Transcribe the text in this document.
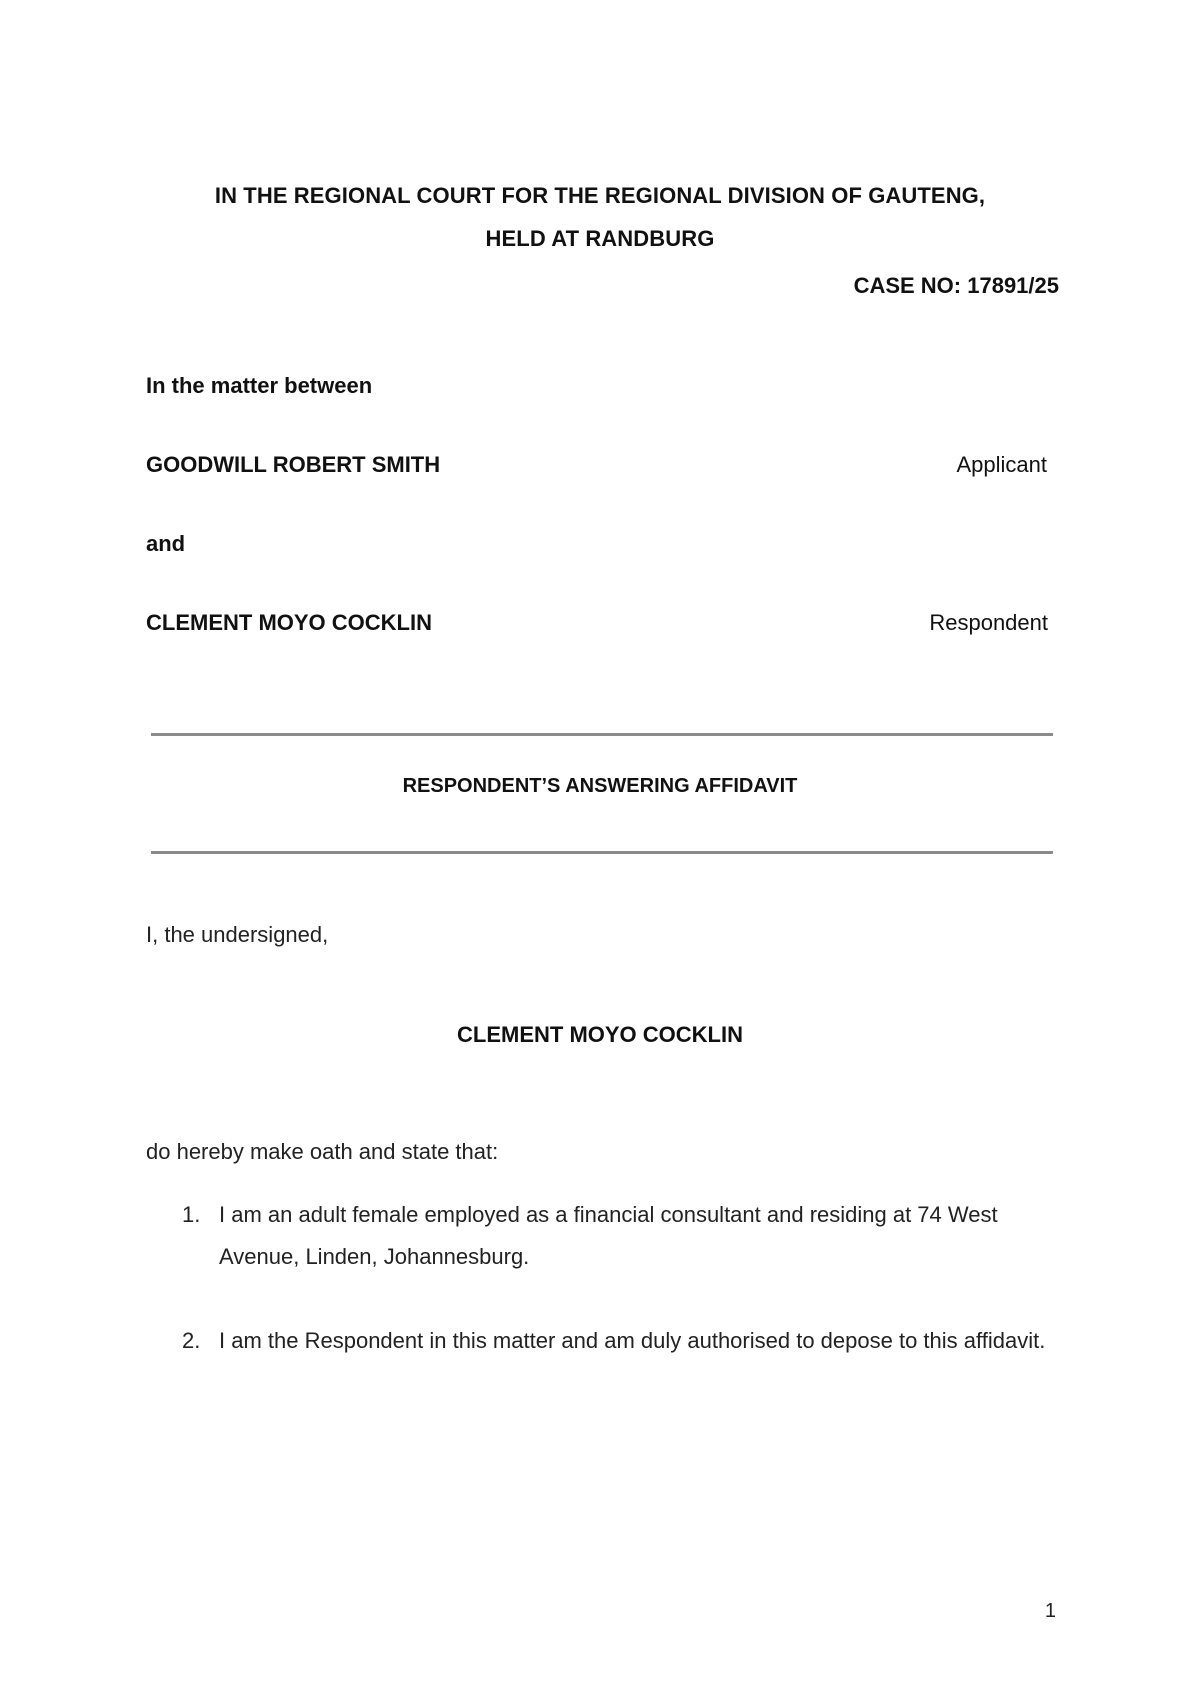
IN THE REGIONAL COURT FOR THE REGIONAL DIVISION OF GAUTENG,
HELD AT RANDBURG
CASE NO: 17891/25
In the matter between
GOODWILL ROBERT SMITH	Applicant
and
CLEMENT MOYO COCKLIN	Respondent
RESPONDENT’S ANSWERING AFFIDAVIT
I, the undersigned,
CLEMENT MOYO COCKLIN
do hereby make oath and state that:
1. I am an adult female employed as a financial consultant and residing at 74 West Avenue, Linden, Johannesburg.
2. I am the Respondent in this matter and am duly authorised to depose to this affidavit.
1
